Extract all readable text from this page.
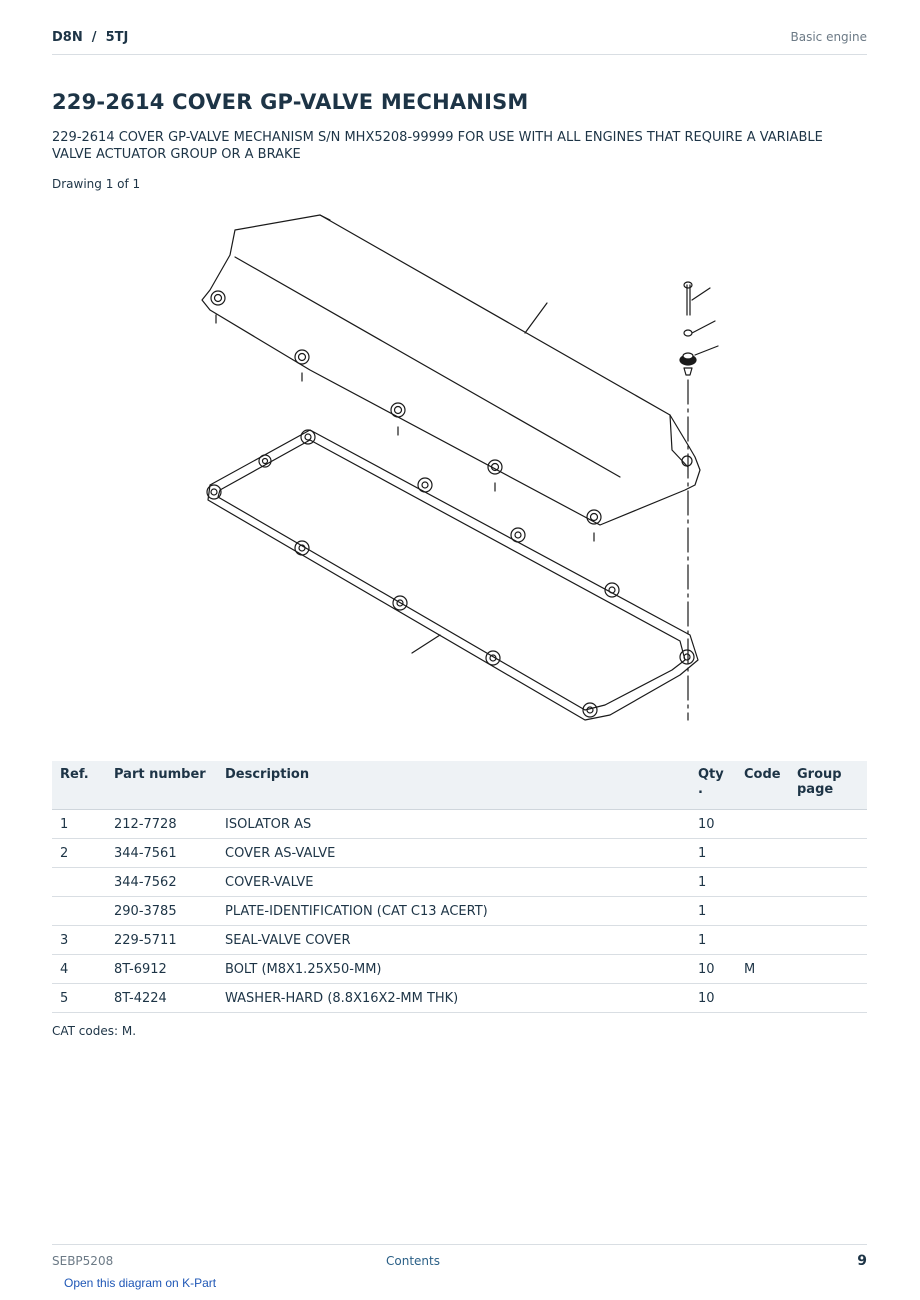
D8N  /  5TJ	Basic engine
229-2614 COVER GP-VALVE MECHANISM
229-2614 COVER GP-VALVE MECHANISM S/N MHX5208-99999 FOR USE WITH ALL ENGINES THAT REQUIRE A VARIABLE VALVE ACTUATOR GROUP OR A BRAKE
Drawing 1 of 1
Ref.	Part number	Description	Qty .	Code	Group page
1	212-7728	ISOLATOR AS	10		
2	344-7561	COVER AS-VALVE	1		
	344-7562	COVER-VALVE	1		
	290-3785	PLATE-IDENTIFICATION (CAT C13 ACERT)	1		
3	229-5711	SEAL-VALVE COVER	1		
4	8T-6912	BOLT (M8X1.25X50-MM)	10	M	
5	8T-4224	WASHER-HARD (8.8X16X2-MM THK)	10		
CAT codes: M.
SEBP5208	Contents	9
Open this diagram on K-Part
